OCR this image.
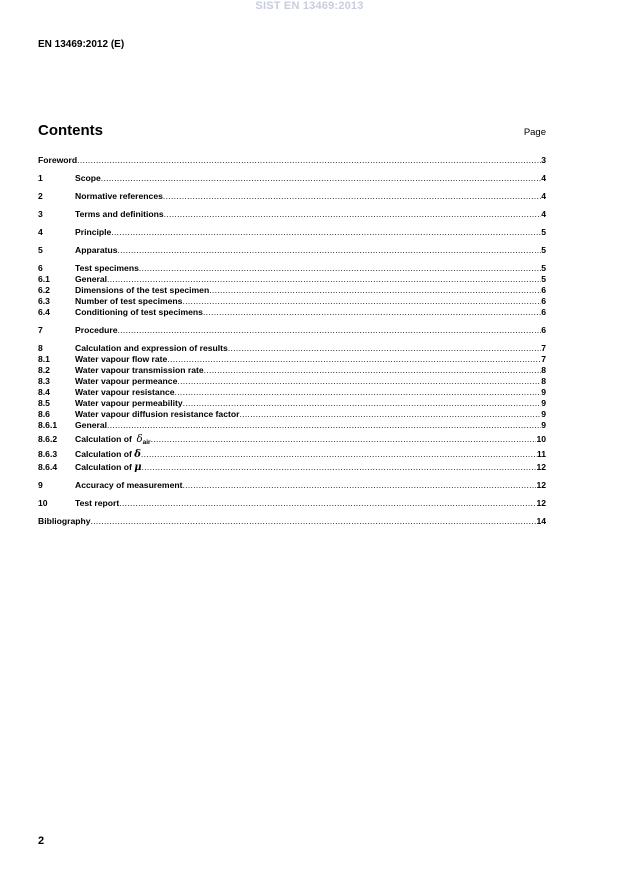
SIST EN 13469:2013
EN 13469:2012 (E)
Contents	Page
Foreword .....	3
1	Scope .....	4
2	Normative references .....	4
3	Terms and definitions .....	4
4	Principle .....	5
5	Apparatus .....	5
6	Test specimens .....	5
6.1	General .....	5
6.2	Dimensions of the test specimen .....	6
6.3	Number of test specimens .....	6
6.4	Conditioning of test specimens .....	6
7	Procedure .....	6
8	Calculation and expression of results .....	7
8.1	Water vapour flow rate .....	7
8.2	Water vapour transmission rate .....	8
8.3	Water vapour permeance .....	8
8.4	Water vapour resistance .....	9
8.5	Water vapour permeability .....	9
8.6	Water vapour diffusion resistance factor .....	9
8.6.1	General .....	9
8.6.2	Calculation of $\delta_{air}$ .....	10
8.6.3	Calculation of δ .....	11
8.6.4	Calculation of μ .....	12
9	Accuracy of measurement .....	12
10	Test report .....	12
Bibliography .....	14
2
